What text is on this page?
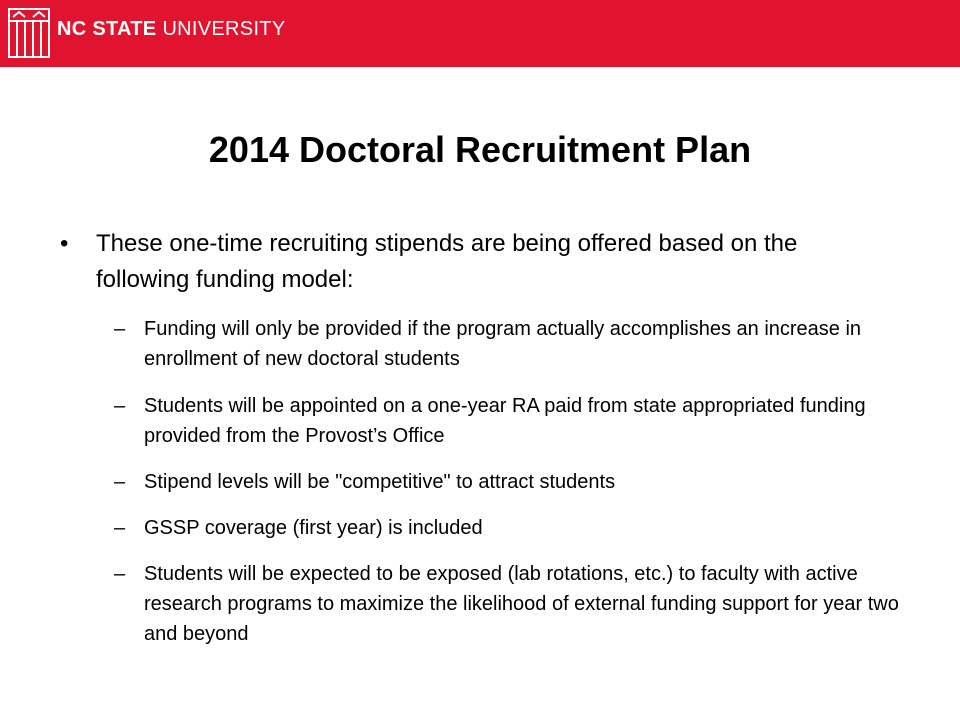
NC STATE UNIVERSITY
2014 Doctoral Recruitment Plan
• These one-time recruiting stipends are being offered based on the following funding model:
– Funding will only be provided if the program actually accomplishes an increase in enrollment of new doctoral students
– Students will be appointed on a one-year RA paid from state appropriated funding provided from the Provost’s Office
– Stipend levels will be "competitive" to attract students
– GSSP coverage (first year) is included
– Students will be expected to be exposed (lab rotations, etc.) to faculty with active research programs to maximize the likelihood of external funding support for year two and beyond
